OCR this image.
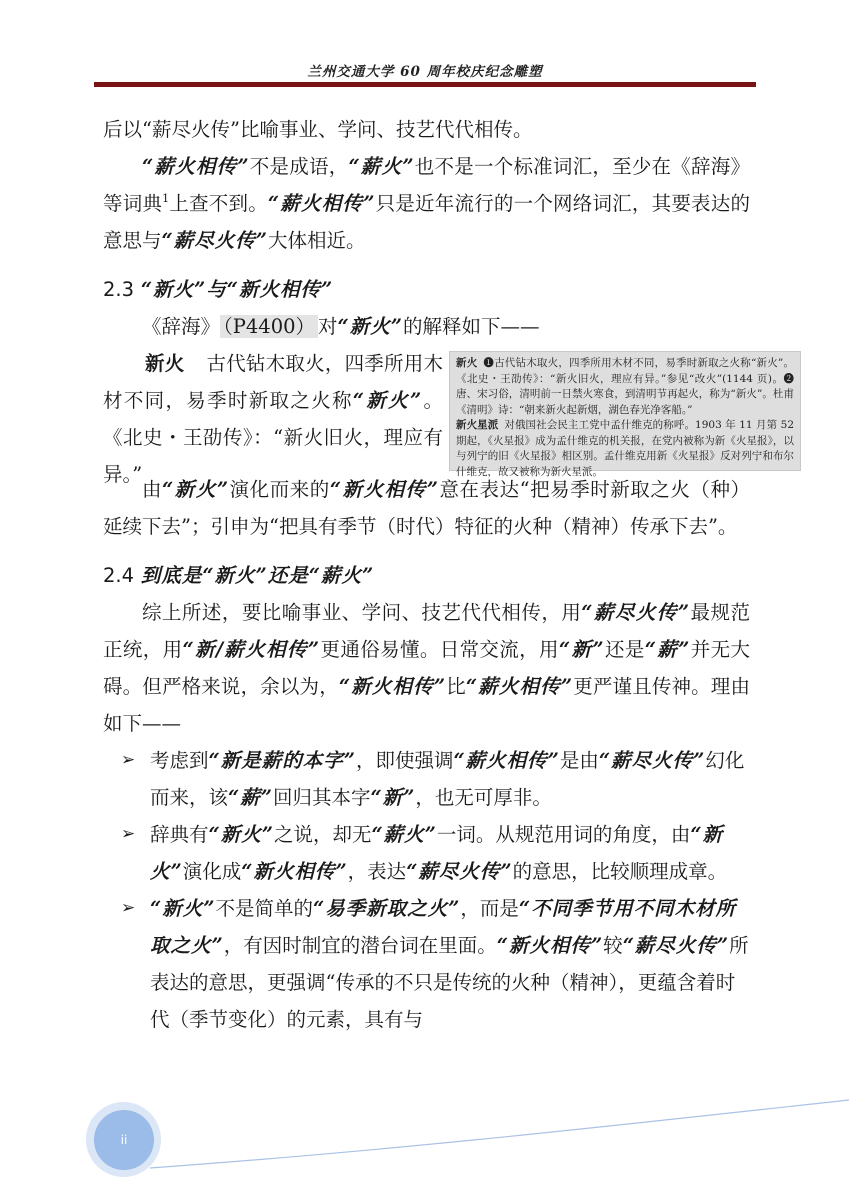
兰州交通大学 60 周年校庆纪念雕塑

后以“薪尽火传”比喻事业、学问、技艺代代相传。

“薪火相传”不是成语，“薪火”也不是一个标准词汇，至少在《辞海》等词典$^1$上查不到。“薪火相传”只是近年流行的一个网络词汇，其要表达的意思与“薪尽火传”大体相近。

2.3 “新火”与“新火相传”

《辞海》 （P4400） 对“新火”的解释如下——

新火 古代钻木取火，四季所用木材不同，易季时新取之火称“新火”。《北史・王劭传》：“新火旧火，理应有异。”

新火 ❶古代钻木取火，四季所用木材不同，易季时新取之火称“新火”。《北史・王劭传》：“新火旧火，理应有异。”参见“改火”(1144 页)。❷唐、宋习俗，清明前一日禁火寒食，到清明节再起火，称为“新火”。杜甫《清明》诗：“朝来新火起新烟，湖色春光净客船。”

新火星派 对俄国社会民主工党中孟什维克的称呼。1903 年 11 月第 52 期起，《火星报》成为孟什维克的机关报，在党内被称为新《火星报》，以与列宁的旧《火星报》相区别。孟什维克用新《火星报》反对列宁和布尔什维克，故又被称为新火星派。

由“新火”演化而来的“新火相传”意在表达“把易季时新取之火（种）延续下去”；引申为“把具有季节（时代）特征的火种（精神）传承下去”。

2.4 到底是“新火”还是“薪火”

综上所述，要比喻事业、学问、技艺代代相传，用“薪尽火传”最规范正统，用“新/薪火相传”更通俗易懂。日常交流，用“新”还是“薪”并无大碍。但严格来说，余以为，“新火相传”比“薪火相传”更严谨且传神。理由如下——

➢ 考虑到“新是薪的本字”，即使强调“薪火相传”是由“薪尽火传”幻化而来，该“薪”回归其本字“新”，也无可厚非。
➢ 辞典有“新火”之说，却无“薪火”一词。从规范用词的角度，由“新火”演化成“新火相传”，表达“薪尽火传”的意思，比较顺理成章。
➢ “新火”不是简单的“易季新取之火”，而是“不同季节用不同木材所取之火”，有因时制宜的潜台词在里面。“新火相传”较“薪尽火传”所表达的意思，更强调“传承的不只是传统的火种（精神），更蕴含着时代（季节变化）的元素，具有与
ii
